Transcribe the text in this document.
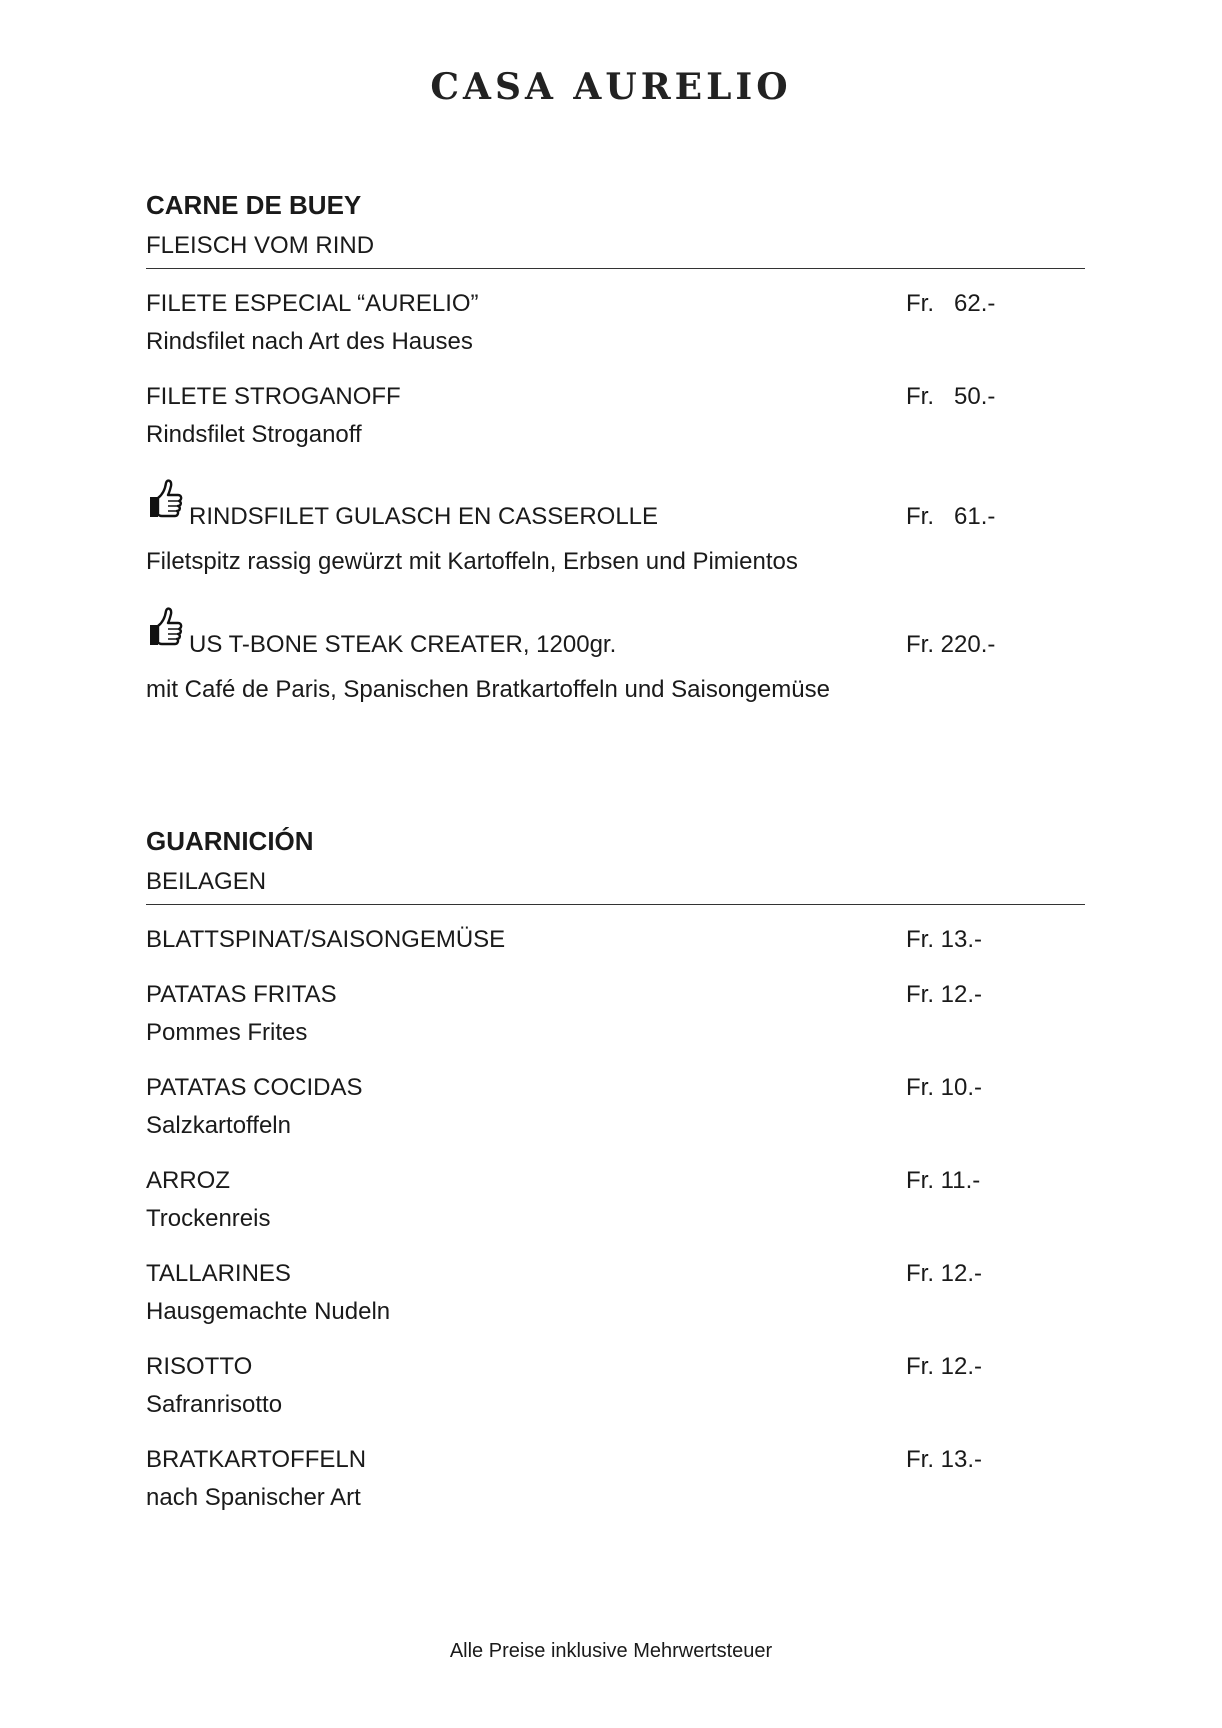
CASA AURELIO
CARNE DE BUEY
FLEISCH VOM RIND
FILETE ESPECIAL “AURELIO”	Fr.   62.-
Rindsfilet nach Art des Hauses
FILETE STROGANOFF	Fr.   50.-
Rindsfilet Stroganoff
RINDSFILET GULASCH EN CASSEROLLE	Fr.   61.-
Filetspitz rassig gewürzt mit Kartoffeln, Erbsen und Pimientos
US T-BONE STEAK CREATER, 1200gr.	Fr. 220.-
mit Café de Paris, Spanischen Bratkartoffeln und Saisongemüse
GUARNICIÓN
BEILAGEN
BLATTSPINAT/SAISONGEMÜSE	Fr. 13.-
PATATAS FRITAS	Fr. 12.-
Pommes Frites
PATATAS COCIDAS	Fr. 10.-
Salzkartoffeln
ARROZ	Fr. 11.-
Trockenreis
TALLARINES	Fr. 12.-
Hausgemachte Nudeln
RISOTTO	Fr. 12.-
Safranrisotto
BRATKARTOFFELN	Fr. 13.-
nach Spanischer Art
Alle Preise inklusive Mehrwertsteuer
